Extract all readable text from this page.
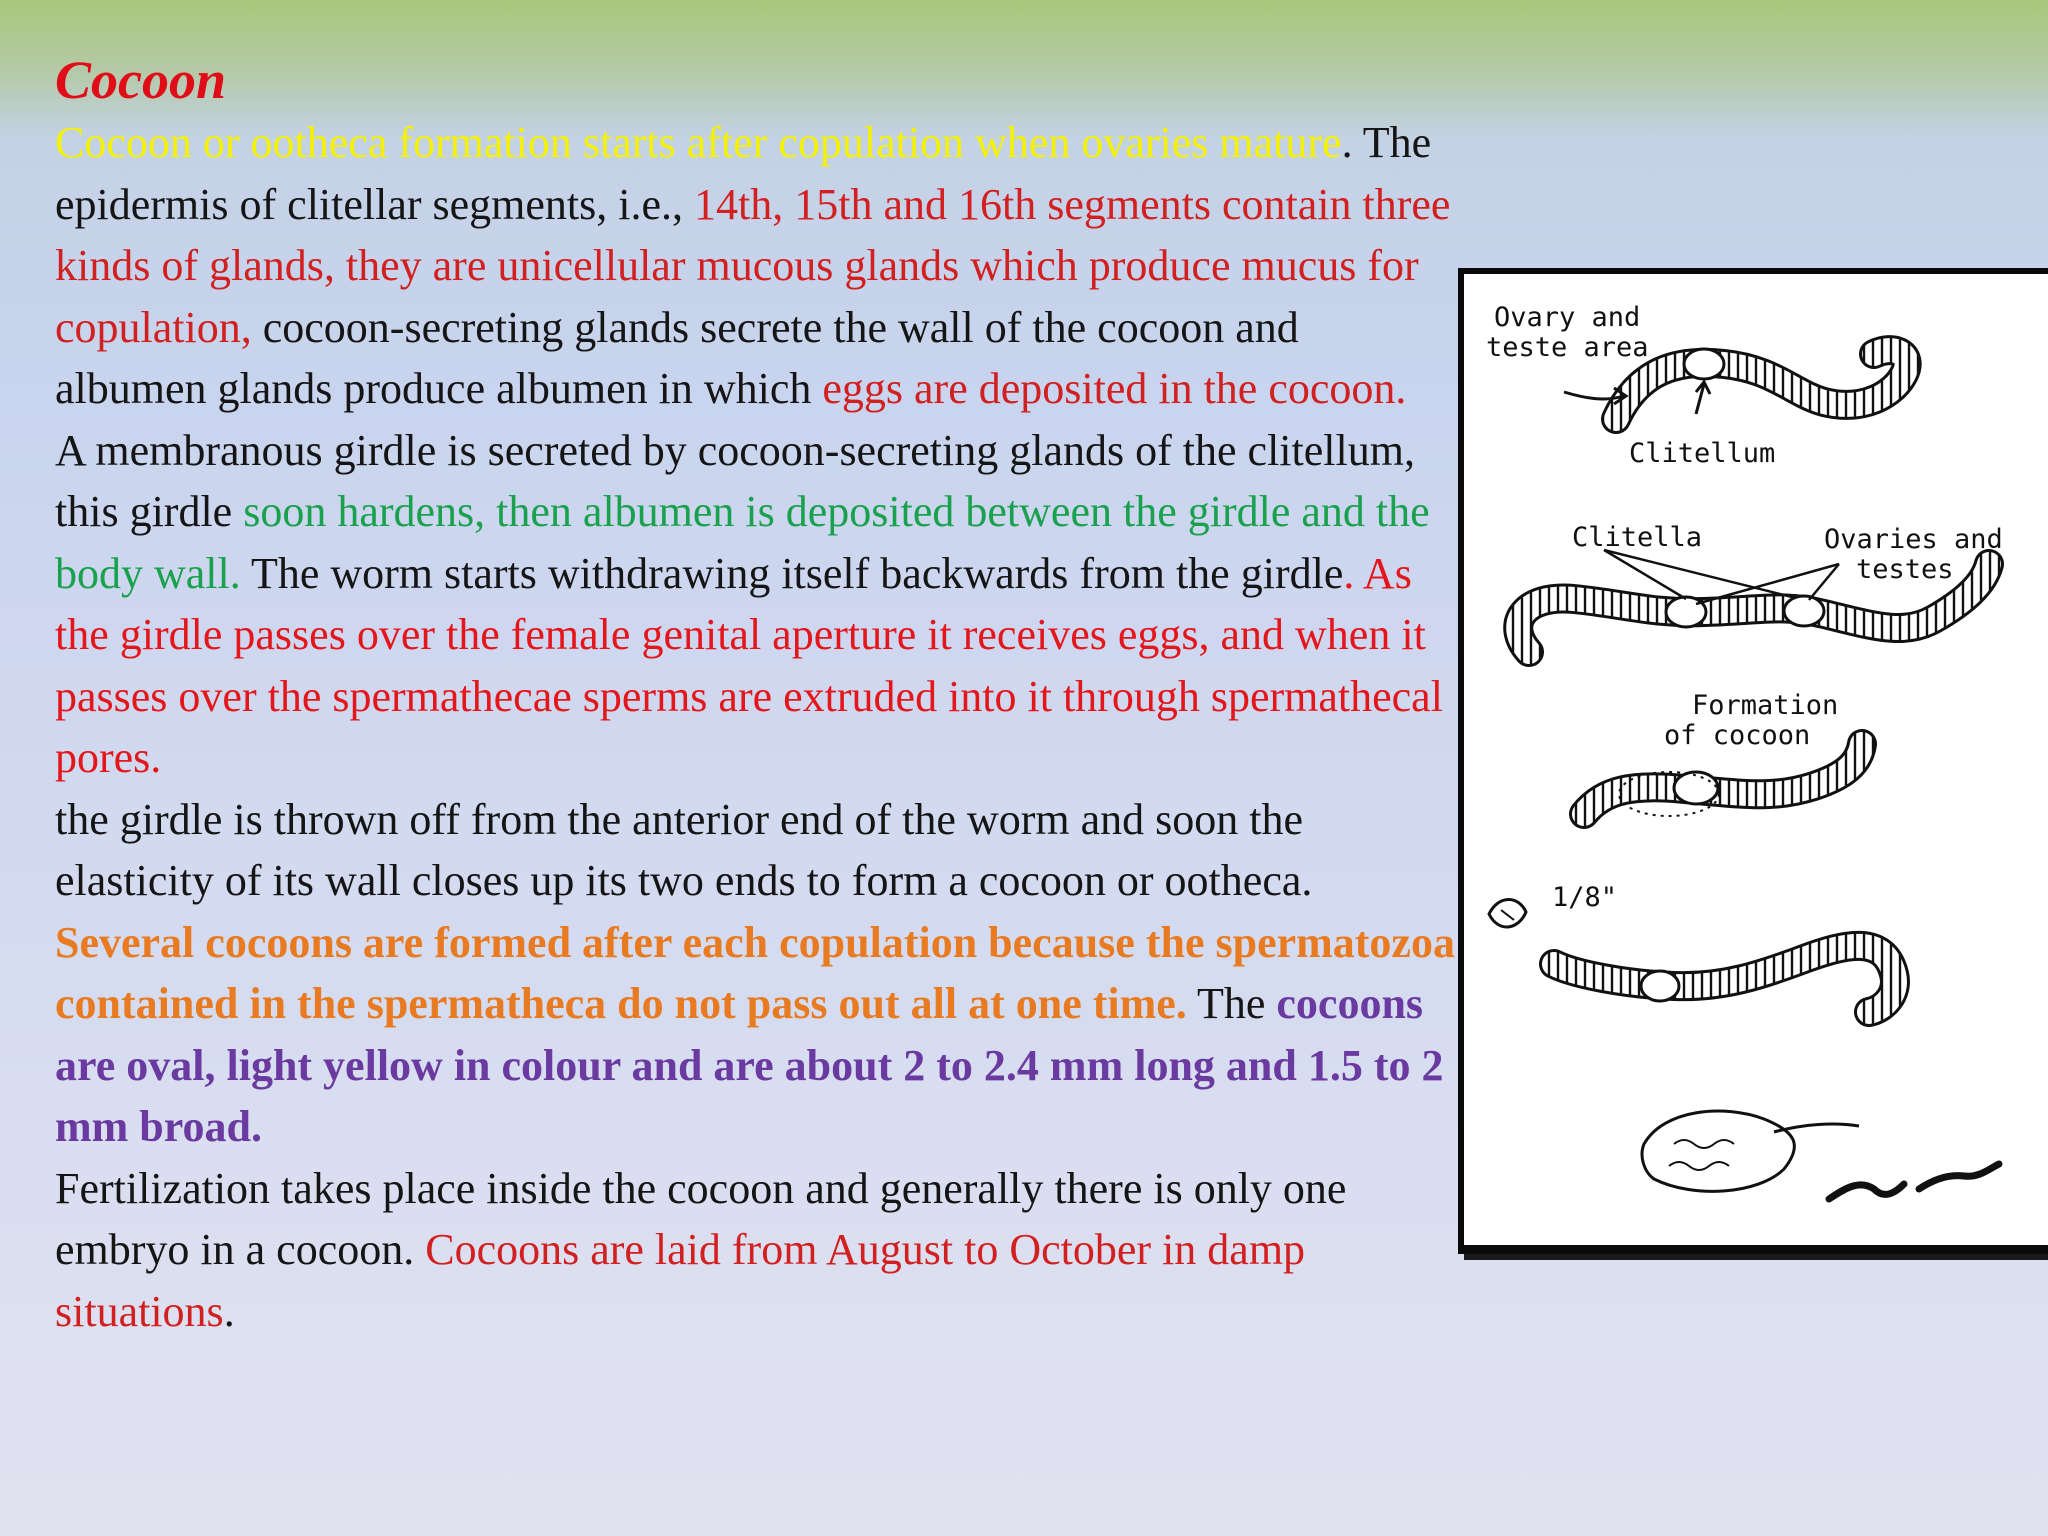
Cocoon

Cocoon or ootheca formation starts after copulation when ovaries mature. The epidermis of clitellar segments, i.e., 14th, 15th and 16th segments contain three kinds of glands, they are unicellular mucous glands which produce mucus for copulation, cocoon-secreting glands secrete the wall of the cocoon and albumen glands produce albumen in which eggs are deposited in the cocoon.

A membranous girdle is secreted by cocoon-secreting glands of the clitellum, this girdle soon hardens, then albumen is deposited between the girdle and the body wall. The worm starts withdrawing itself backwards from the girdle. As the girdle passes over the female genital aperture it receives eggs, and when it passes over the spermathecae sperms are extruded into it through spermathecal pores.

the girdle is thrown off from the anterior end of the worm and soon the elasticity of its wall closes up its two ends to form a cocoon or ootheca. Several cocoons are formed after each copulation because the spermatozoa contained in the spermatheca do not pass out all at one time. The cocoons are oval, light yellow in colour and are about 2 to 2.4 mm long and 1.5 to 2 mm broad.

Fertilization takes place inside the cocoon and generally there is only one embryo in a cocoon. Cocoons are laid from August to October in damp situations.

Ovary and
teste area
Clitellum
Clitella	Ovaries and
testes
Formation
of cocoon
1/8"
